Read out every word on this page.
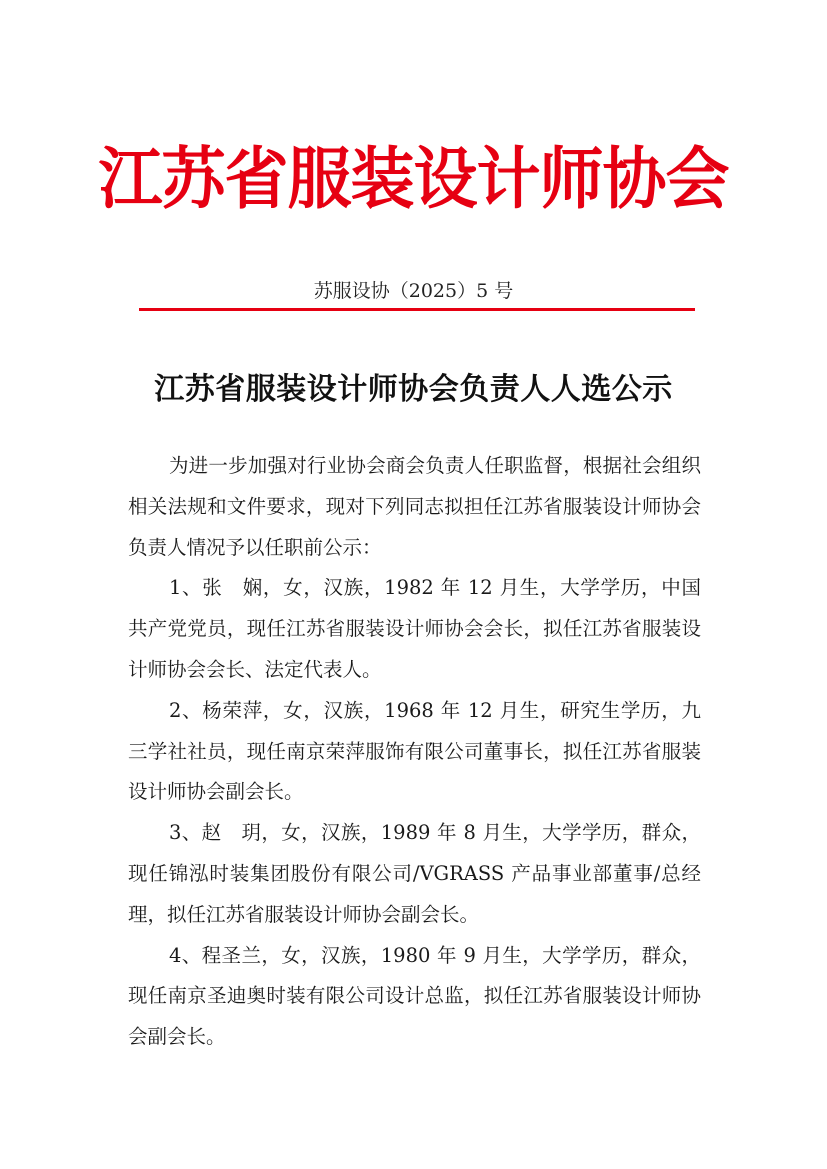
江苏省服装设计师协会
苏服设协（2025）5 号
江苏省服装设计师协会负责人人选公示

为进一步加强对行业协会商会负责人任职监督，根据社会组织相关法规和文件要求，现对下列同志拟担任江苏省服装设计师协会负责人情况予以任职前公示：

1、张　娴，女，汉族，1982 年 12 月生，大学学历，中国共产党党员，现任江苏省服装设计师协会会长，拟任江苏省服装设计师协会会长、法定代表人。

2、杨荣萍，女，汉族，1968 年 12 月生，研究生学历，九三学社社员，现任南京荣萍服饰有限公司董事长，拟任江苏省服装设计师协会副会长。

3、赵　玥，女，汉族，1989 年 8 月生，大学学历，群众，现任锦泓时装集团股份有限公司/VGRASS 产品事业部董事/总经理，拟任江苏省服装设计师协会副会长。

4、程圣兰，女，汉族，1980 年 9 月生，大学学历，群众，现任南京圣迪奥时装有限公司设计总监，拟任江苏省服装设计师协会副会长。
